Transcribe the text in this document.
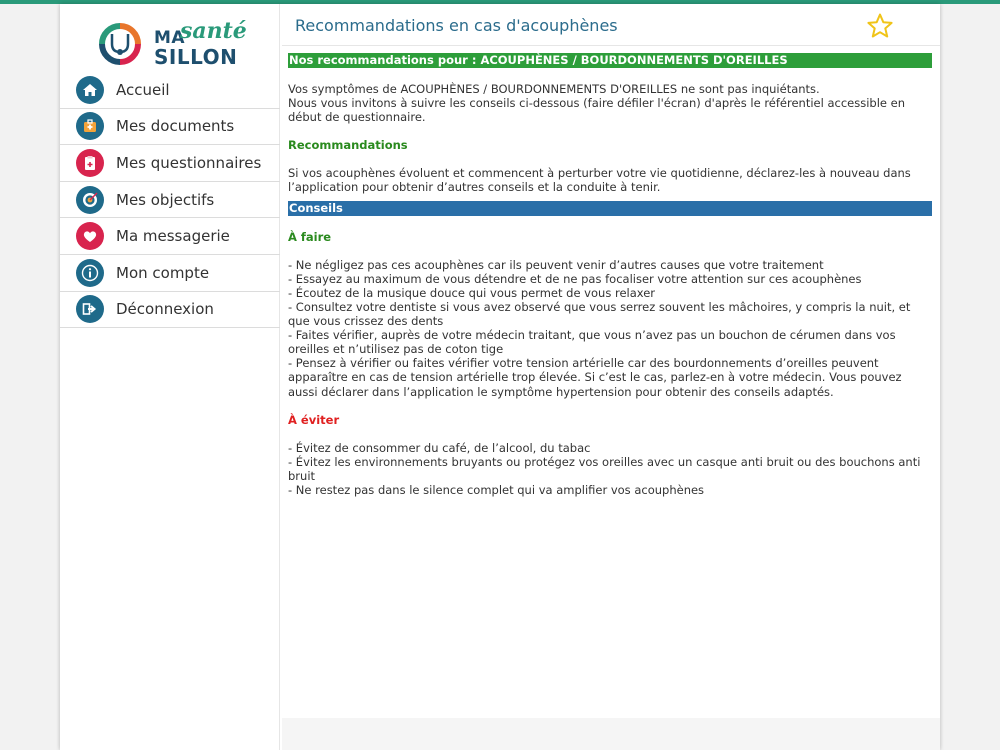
MA
santé
SILLON
Accueil
Mes documents
Mes questionnaires
Mes objectifs
Ma messagerie
Mon compte
Déconnexion
Recommandations en cas d'acouphènes
Nos recommandations pour : ACOUPHÈNES / BOURDONNEMENTS D'OREILLES
Vos symptômes de ACOUPHÈNES / BOURDONNEMENTS D'OREILLES ne sont pas inquiétants.
Nous vous invitons à suivre les conseils ci-dessous (faire défiler l'écran) d'après le référentiel accessible en début de questionnaire.
Recommandations
Si vos acouphènes évoluent et commencent à perturber votre vie quotidienne, déclarez-les à nouveau dans l’application pour obtenir d’autres conseils et la conduite à tenir.
Conseils
À faire
- Ne négligez pas ces acouphènes car ils peuvent venir d’autres causes que votre traitement
- Essayez au maximum de vous détendre et de ne pas focaliser votre attention sur ces acouphènes
- Écoutez de la musique douce qui vous permet de vous relaxer
- Consultez votre dentiste si vous avez observé que vous serrez souvent les mâchoires, y compris la nuit, et que vous crissez des dents
- Faites vérifier, auprès de votre médecin traitant, que vous n’avez pas un bouchon de cérumen dans vos oreilles et n’utilisez pas de coton tige
- Pensez à vérifier ou faites vérifier votre tension artérielle car des bourdonnements d’oreilles peuvent apparaître en cas de tension artérielle trop élevée. Si c’est le cas, parlez-en à votre médecin. Vous pouvez aussi déclarer dans l’application le symptôme hypertension pour obtenir des conseils adaptés.
À éviter
- Évitez de consommer du café, de l’alcool, du tabac
- Évitez les environnements bruyants ou protégez vos oreilles avec un casque anti bruit ou des bouchons anti bruit
- Ne restez pas dans le silence complet qui va amplifier vos acouphènes
